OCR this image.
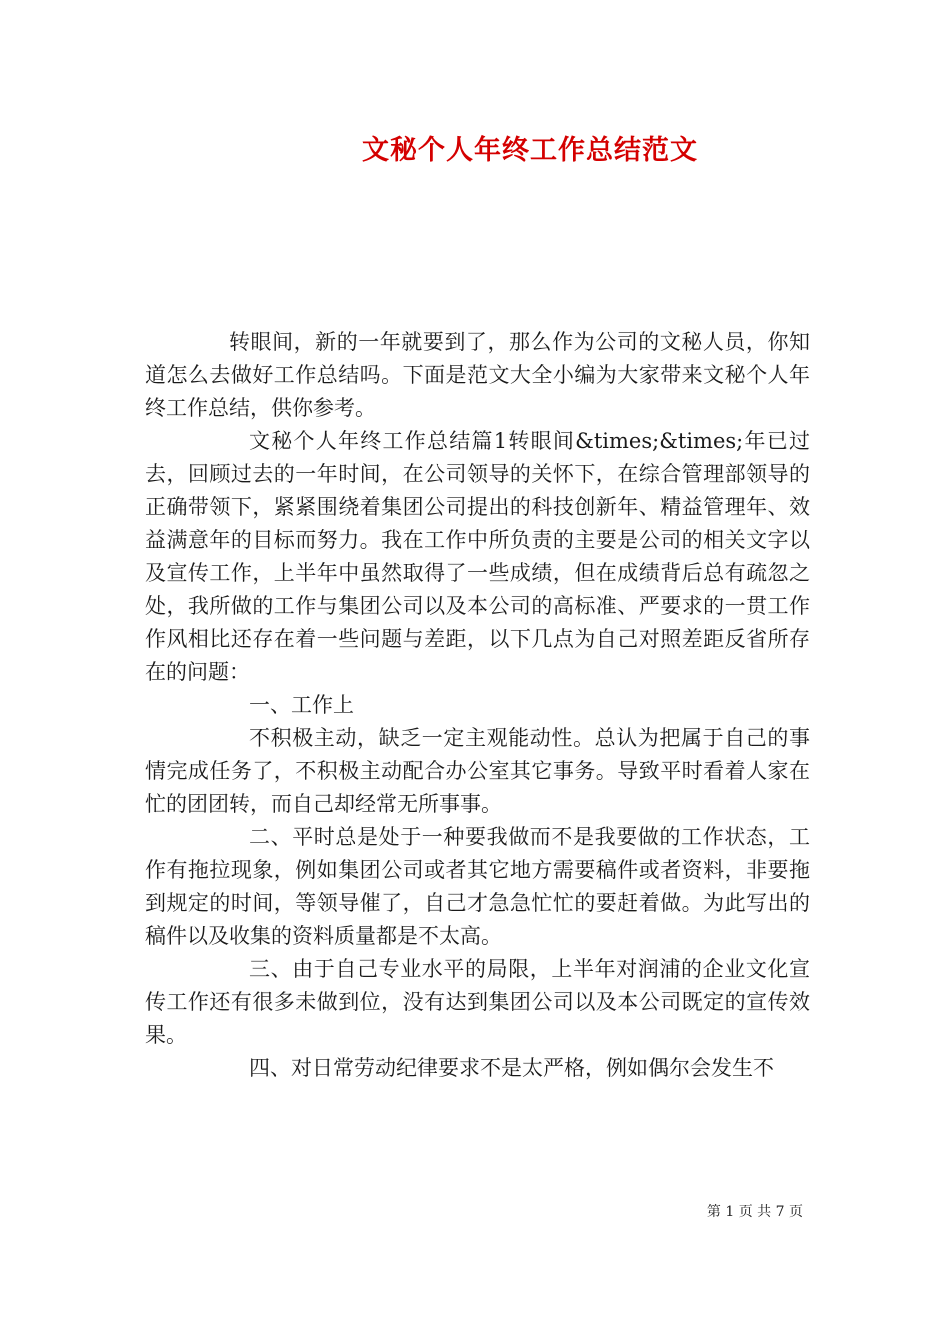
文秘个人年终工作总结范文

转眼间，新的一年就要到了，那么作为公司的文秘人员，你知道怎么去做好工作总结吗。下面是范文大全小编为大家带来文秘个人年终工作总结，供你参考。

文秘个人年终工作总结篇1转眼间&times;&times;年已过去，回顾过去的一年时间，在公司领导的关怀下，在综合管理部领导的正确带领下，紧紧围绕着集团公司提出的科技创新年、精益管理年、效益满意年的目标而努力。我在工作中所负责的主要是公司的相关文字以及宣传工作，上半年中虽然取得了一些成绩，但在成绩背后总有疏忽之处，我所做的工作与集团公司以及本公司的高标准、严要求的一贯工作作风相比还存在着一些问题与差距，以下几点为自己对照差距反省所存在的问题：

一、工作上

不积极主动，缺乏一定主观能动性。总认为把属于自己的事情完成任务了，不积极主动配合办公室其它事务。导致平时看着人家在忙的团团转，而自己却经常无所事事。

二、平时总是处于一种要我做而不是我要做的工作状态，工作有拖拉现象，例如集团公司或者其它地方需要稿件或者资料，非要拖到规定的时间，等领导催了，自己才急急忙忙的要赶着做。为此写出的稿件以及收集的资料质量都是不太高。

三、由于自己专业水平的局限，上半年对润浦的企业文化宣传工作还有很多未做到位，没有达到集团公司以及本公司既定的宣传效果。

四、对日常劳动纪律要求不是太严格，例如偶尔会发生不

第 1 页 共 7 页
